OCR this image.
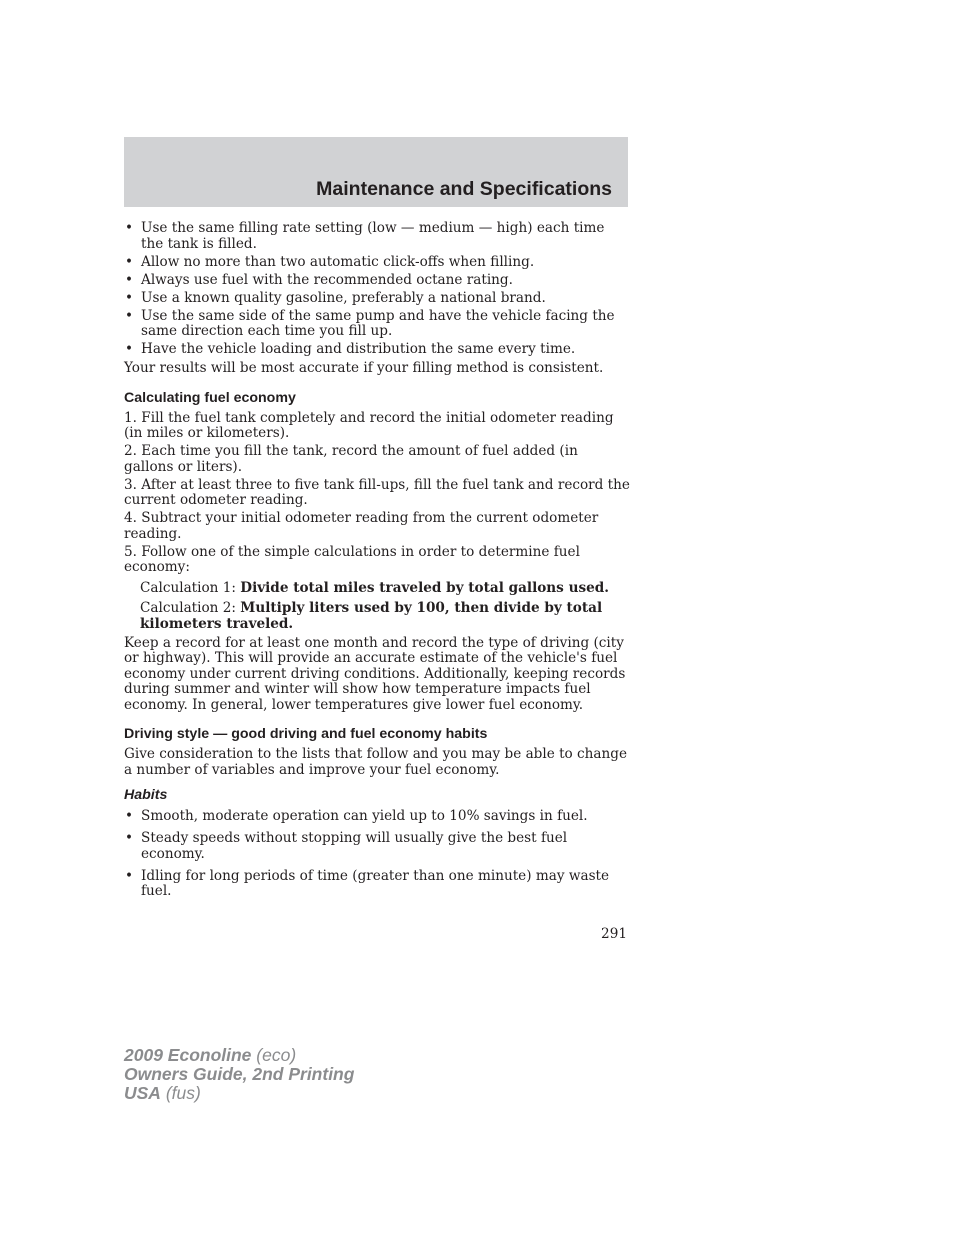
Maintenance and Specifications
• Use the same filling rate setting (low — medium — high) each time the tank is filled.
• Allow no more than two automatic click-offs when filling.
• Always use fuel with the recommended octane rating.
• Use a known quality gasoline, preferably a national brand.
• Use the same side of the same pump and have the vehicle facing the same direction each time you fill up.
• Have the vehicle loading and distribution the same every time.

Your results will be most accurate if your filling method is consistent.

Calculating fuel economy
1. Fill the fuel tank completely and record the initial odometer reading (in miles or kilometers).
2. Each time you fill the tank, record the amount of fuel added (in gallons or liters).
3. After at least three to five tank fill-ups, fill the fuel tank and record the current odometer reading.
4. Subtract your initial odometer reading from the current odometer reading.
5. Follow one of the simple calculations in order to determine fuel economy:

Calculation 1: Divide total miles traveled by total gallons used.

Calculation 2: Multiply liters used by 100, then divide by total kilometers traveled.

Keep a record for at least one month and record the type of driving (city or highway). This will provide an accurate estimate of the vehicle's fuel economy under current driving conditions. Additionally, keeping records during summer and winter will show how temperature impacts fuel economy. In general, lower temperatures give lower fuel economy.

Driving style — good driving and fuel economy habits

Give consideration to the lists that follow and you may be able to change a number of variables and improve your fuel economy.

Habits
• Smooth, moderate operation can yield up to 10% savings in fuel.
• Steady speeds without stopping will usually give the best fuel economy.
• Idling for long periods of time (greater than one minute) may waste fuel.
291
2009 Econoline (eco)
Owners Guide, 2nd Printing
USA (fus)
